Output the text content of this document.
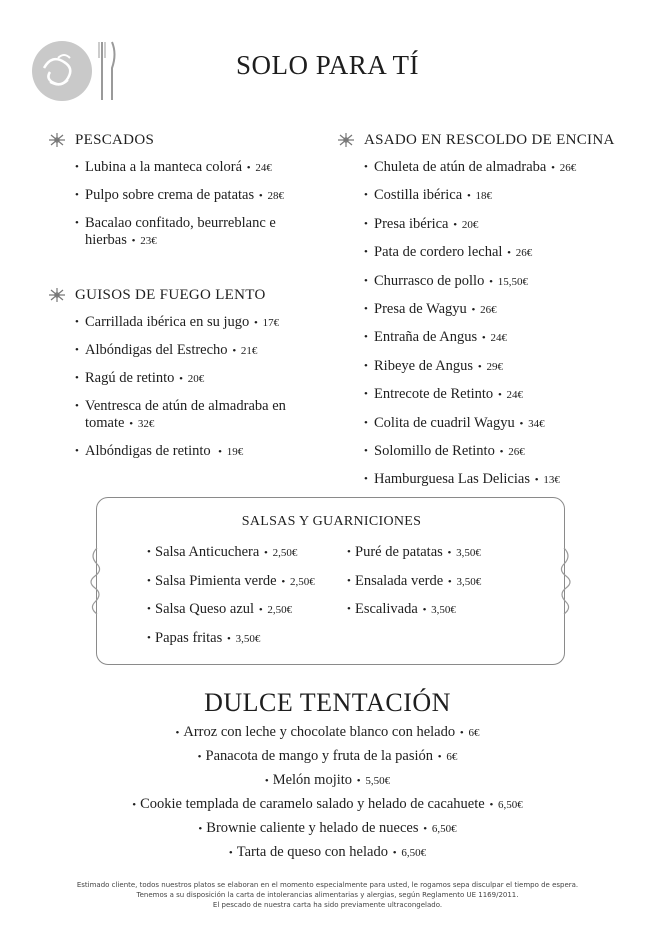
SOLO PARA TÍ
PESCADOS
• Lubina a la manteca colorá • 24€
• Pulpo sobre crema de patatas • 28€
• Bacalao confitado, beurreblanc e hierbas • 23€
GUISOS DE FUEGO LENTO
• Carrillada ibérica en su jugo • 17€
• Albóndigas del Estrecho • 21€
• Ragú de retinto • 20€
• Ventresca de atún de almadraba en tomate • 32€
• Albóndigas de retinto  • 19€
ASADO EN RESCOLDO DE ENCINA
• Chuleta de atún de almadraba • 26€
• Costilla ibérica • 18€
• Presa ibérica • 20€
• Pata de cordero lechal • 26€
• Churrasco de pollo • 15,50€
• Presa de Wagyu • 26€
• Entraña de Angus • 24€
• Ribeye de Angus • 29€
• Entrecote de Retinto • 24€
• Colita de cuadril Wagyu • 34€
• Solomillo de Retinto • 26€
• Hamburguesa Las Delicias • 13€
SALSAS Y GUARNICIONES
• Salsa Anticuchera • 2,50€
• Salsa Pimienta verde • 2,50€
• Salsa Queso azul • 2,50€
• Papas fritas • 3,50€
• Puré de patatas • 3,50€
• Ensalada verde • 3,50€
• Escalivada • 3,50€
DULCE TENTACIÓN
• Arroz con leche y chocolate blanco con helado • 6€
• Panacota de mango y fruta de la pasión • 6€
• Melón mojito • 5,50€
• Cookie templada de caramelo salado y helado de cacahuete • 6,50€
• Brownie caliente y helado de nueces • 6,50€
• Tarta de queso con helado • 6,50€
Estimado cliente, todos nuestros platos se elaboran en el momento especialmente para usted, le rogamos sepa disculpar el tiempo de espera.
Tenemos a su disposición la carta de intolerancias alimentarias y alergias, según Reglamento UE 1169/2011.
El pescado de nuestra carta ha sido previamente ultracongelado.
